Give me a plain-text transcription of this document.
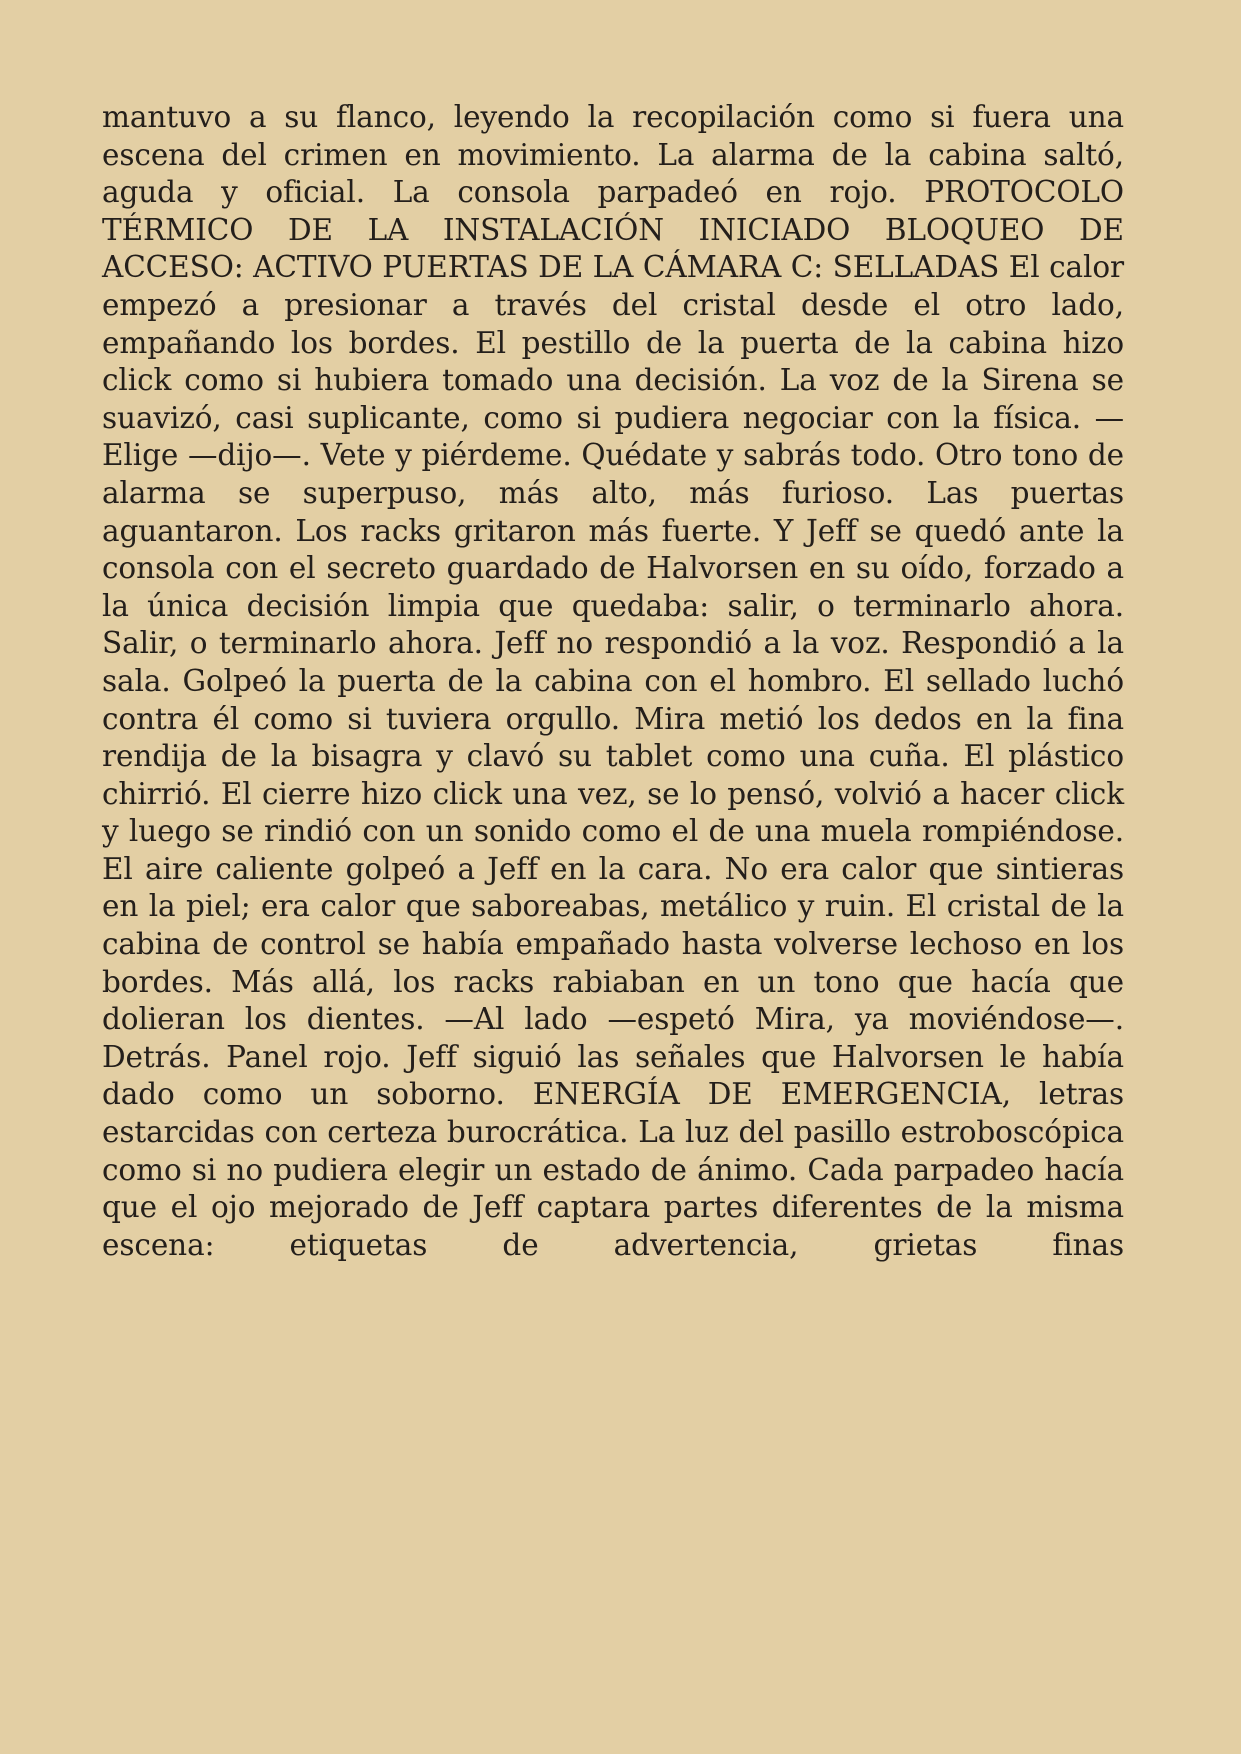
mantuvo a su flanco, leyendo la recopilación como si fuera una escena del crimen en movimiento. La alarma de la cabina saltó, aguda y oficial. La consola parpadeó en rojo. PROTOCOLO TÉRMICO DE LA INSTALACIÓN INICIADO BLOQUEO DE ACCESO: ACTIVO PUERTAS DE LA CÁMARA C: SELLADAS El calor empezó a presionar a través del cristal desde el otro lado, empañando los bordes. El pestillo de la puerta de la cabina hizo click como si hubiera tomado una decisión. La voz de la Sirena se suavizó, casi suplicante, como si pudiera negociar con la física. —Elige —dijo—. Vete y piérdeme. Quédate y sabrás todo. Otro tono de alarma se superpuso, más alto, más furioso. Las puertas aguantaron. Los racks gritaron más fuerte. Y Jeff se quedó ante la consola con el secreto guardado de Halvorsen en su oído, forzado a la única decisión limpia que quedaba: salir, o terminarlo ahora. Salir, o terminarlo ahora. Jeff no respondió a la voz. Respondió a la sala. Golpeó la puerta de la cabina con el hombro. El sellado luchó contra él como si tuviera orgullo. Mira metió los dedos en la fina rendija de la bisagra y clavó su tablet como una cuña. El plástico chirrió. El cierre hizo click una vez, se lo pensó, volvió a hacer click y luego se rindió con un sonido como el de una muela rompiéndose. El aire caliente golpeó a Jeff en la cara. No era calor que sintieras en la piel; era calor que saboreabas, metálico y ruin. El cristal de la cabina de control se había empañado hasta volverse lechoso en los bordes. Más allá, los racks rabiaban en un tono que hacía que dolieran los dientes. —Al lado —espetó Mira, ya moviéndose—. Detrás. Panel rojo. Jeff siguió las señales que Halvorsen le había dado como un soborno. ENERGÍA DE EMERGENCIA, letras estarcidas con certeza burocrática. La luz del pasillo estroboscópica como si no pudiera elegir un estado de ánimo. Cada parpadeo hacía que el ojo mejorado de Jeff captara partes diferentes de la misma escena: etiquetas de advertencia, grietas finas
